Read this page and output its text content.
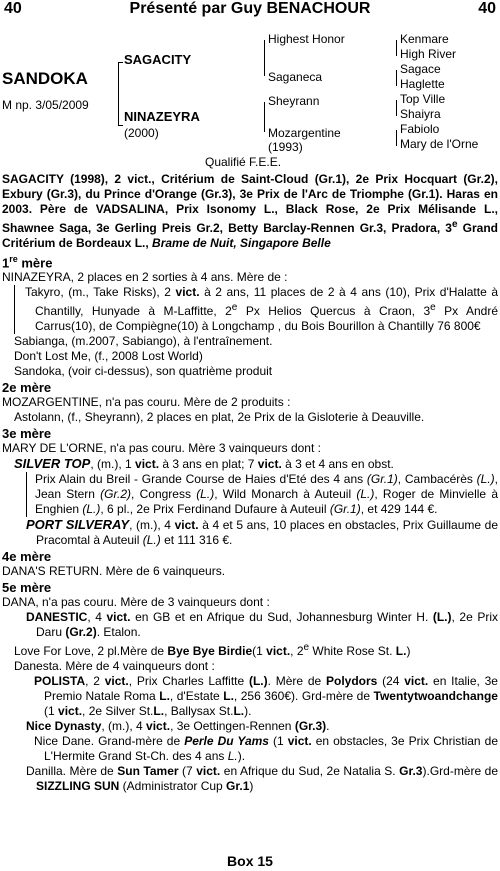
40	Présenté par Guy BENACHOUR	40
SANDOKA
M np. 3/05/2009
SAGACITY
NINAZEYRA
(2000)
Highest Honor
Saganeca
Sheyrann
Mozargentine
(1993)
Kenmare
High River
Sagace
Haglette
Top Ville
Shaiyra
Fabiolo
Mary de l'Orne
Qualifié F.E.E.

SAGACITY (1998), 2 vict., Critérium de Saint-Cloud (Gr.1), 2e Prix Hocquart (Gr.2), Exbury (Gr.3), du Prince d'Orange (Gr.3), 3e Prix de l'Arc de Triomphe (Gr.1). Haras en 2003. Père de VADSALINA, Prix Isonomy L., Black Rose, 2e Prix Mélisande L., Shawnee Saga, 3e Gerling Preis Gr.2, Betty Barclay-Rennen Gr.3, Pradora, 3e Grand Critérium de Bordeaux L., Brame de Nuit, Singapore Belle

1re mère

NINAZEYRA, 2 places en 2 sorties à 4 ans. Mère de :

Takyro, (m., Take Risks), 2 vict. à 2 ans, 11 places de 2 à 4 ans (10), Prix d'Halatte à Chantilly, Hunyade à M-Laffitte, 2e Px Helios Quercus à Craon, 3e Px André Carrus(10), de Compiègne(10) à Longchamp , du Bois Bourillon à Chantilly 76 800€

Sabianga, (m.2007, Sabiango), à l'entraînement.

Don't Lost Me, (f., 2008 Lost World)

Sandoka, (voir ci-dessus), son quatrième produit

2e mère

MOZARGENTINE, n'a pas couru. Mère de 2 produits :

Astolann, (f., Sheyrann), 2 places en plat, 2e Prix de la Gisloterie à Deauville.

3e mère

MARY DE L'ORNE, n'a pas couru. Mère 3 vainqueurs dont :

SILVER TOP, (m.), 1 vict. à 3 ans en plat; 7 vict. à 3 et 4 ans en obst.

Prix Alain du Breil - Grande Course de Haies d'Eté des 4 ans (Gr.1), Cambacérès (L.), Jean Stern (Gr.2), Congress (L.), Wild Monarch à Auteuil (L.), Roger de Minvielle à Enghien (L.), 6 pl., 2e Prix Ferdinand Dufaure à Auteuil (Gr.1), et 429 144 €.

PORT SILVERAY, (m.), 4 vict. à 4 et 5 ans, 10 places en obstacles, Prix Guillaume de Pracomtal à Auteuil (L.) et 111 316 €.

4e mère

DANA'S RETURN. Mère de 6 vainqueurs.

5e mère

DANA, n'a pas couru. Mère de 3 vainqueurs dont :

DANESTIC, 4 vict. en GB et en Afrique du Sud, Johannesburg Winter H. (L.), 2e Prix Daru (Gr.2). Etalon.

Love For Love, 2 pl.Mère de Bye Bye Birdie(1 vict., 2e White Rose St. L.)

Danesta. Mère de 4 vainqueurs dont :

POLISTA, 2 vict., Prix Charles Laffitte (L.). Mère de Polydors (24 vict. en Italie, 3e Premio Natale Roma L., d'Estate L., 256 360€). Grd-mère de Twentytwoandchange (1 vict., 2e Silver St.L., Ballysax St.L.).

Nice Dynasty, (m.), 4 vict., 3e Oettingen-Rennen (Gr.3).

Nice Dane. Grand-mère de Perle Du Yams (1 vict. en obstacles, 3e Prix Christian de L'Hermite Grand St-Ch. des 4 ans L.).

Danilla. Mère de Sun Tamer (7 vict. en Afrique du Sud, 2e Natalia S. Gr.3).Grd-mère de SIZZLING SUN (Administrator Cup Gr.1)

Box 15
